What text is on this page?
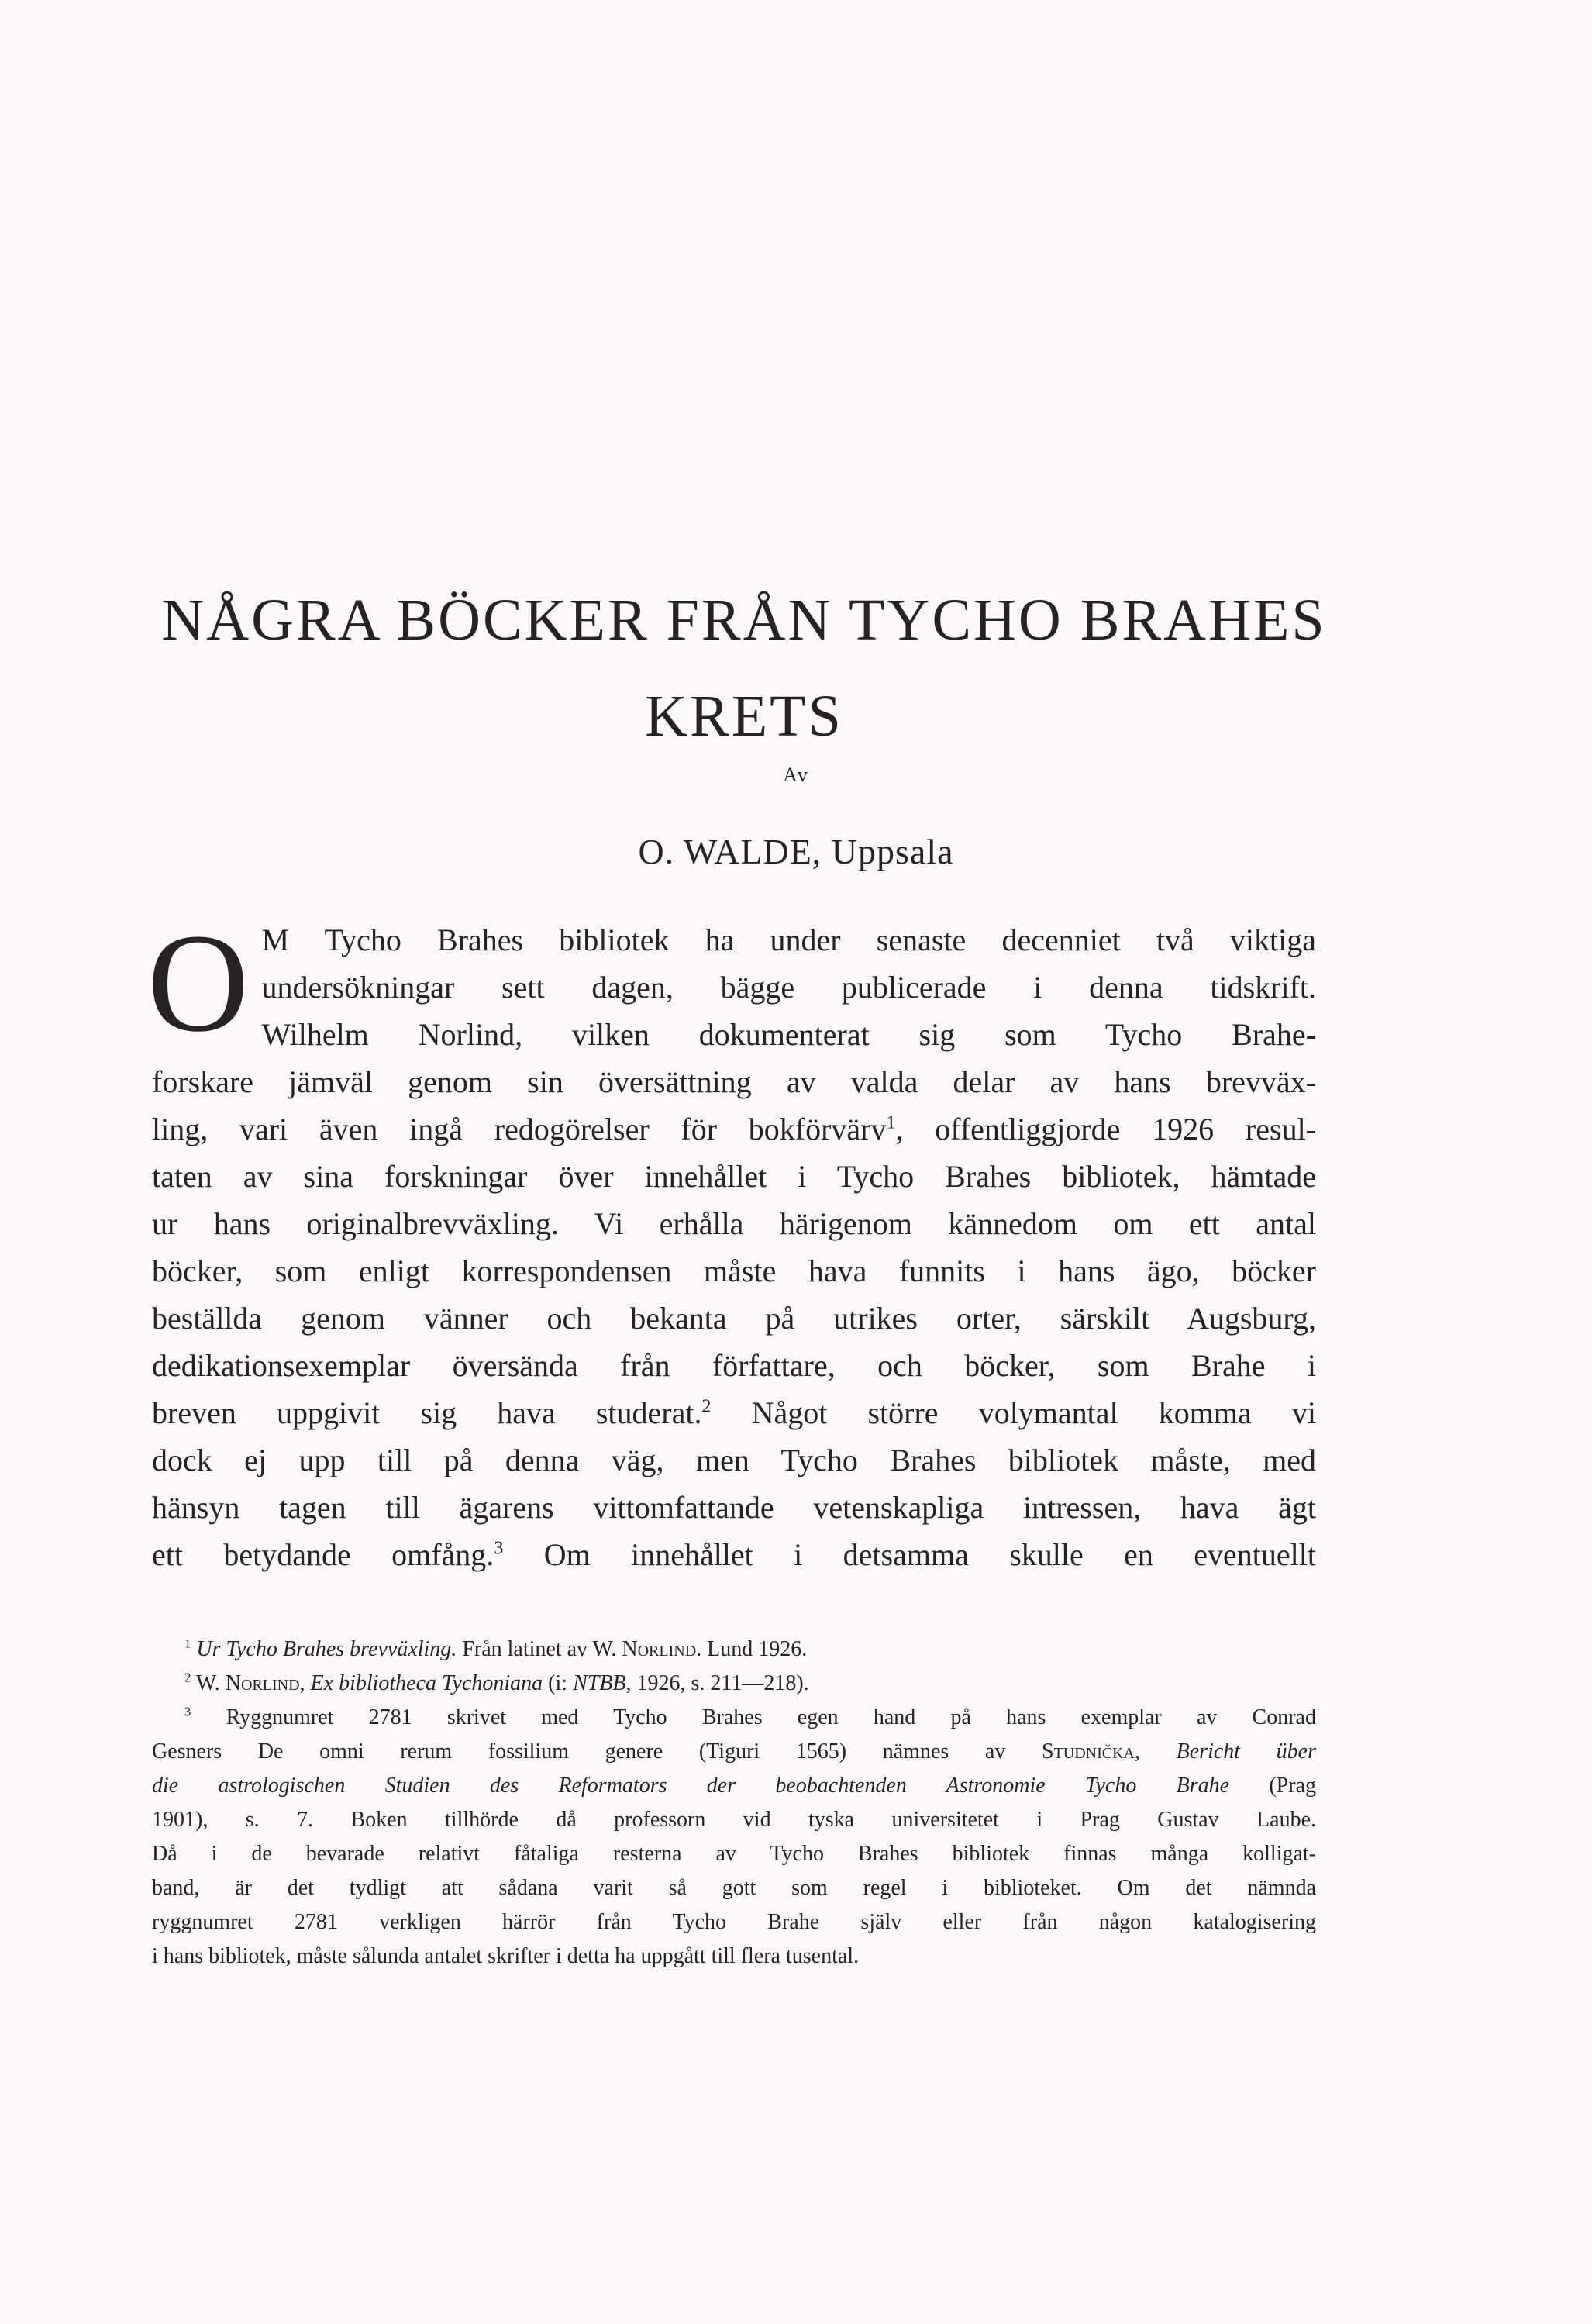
NÅGRA BÖCKER FRÅN TYCHO BRAHES
KRETS
Av
O. WALDE, Uppsala
O M Tycho Brahes bibliotek ha under senaste decenniet två viktiga
undersökningar sett dagen, bägge publicerade i denna tidskrift.
Wilhelm Norlind, vilken dokumenterat sig som Tycho Brahe-
forskare jämväl genom sin översättning av valda delar av hans brevväx-
ling, vari även ingå redogörelser för bokförvärv$^1$, offentliggjorde 1926 resul-
taten av sina forskningar över innehållet i Tycho Brahes bibliotek, hämtade
ur hans originalbrevväxling. Vi erhålla härigenom kännedom om ett antal
böcker, som enligt korrespondensen måste hava funnits i hans ägo, böcker
beställda genom vänner och bekanta på utrikes orter, särskilt Augsburg,
dedikationsexemplar översända från författare, och böcker, som Brahe i
breven uppgivit sig hava studerat.$^2$ Något större volymantal komma vi
dock ej upp till på denna väg, men Tycho Brahes bibliotek måste, med
hänsyn tagen till ägarens vittomfattande vetenskapliga intressen, hava ägt
ett betydande omfång.$^3$ Om innehållet i detsamma skulle en eventuellt
$^1$ Ur Tycho Brahes brevväxling. Från latinet av W. Norlind. Lund 1926.
$^2$ W. Norlind, Ex bibliotheca Tychoniana (i: NTBB, 1926, s. 211—218).
$^3$ Ryggnumret 2781 skrivet med Tycho Brahes egen hand på hans exemplar av Conrad
Gesners De omni rerum fossilium genere (Tiguri 1565) nämnes av Studnička, Bericht über
die astrologischen Studien des Reformators der beobachtenden Astronomie Tycho Brahe (Prag
1901), s. 7. Boken tillhörde då professorn vid tyska universitetet i Prag Gustav Laube.
Då i de bevarade relativt fåtaliga resterna av Tycho Brahes bibliotek finnas många kolligat-
band, är det tydligt att sådana varit så gott som regel i biblioteket. Om det nämnda
ryggnumret 2781 verkligen härrör från Tycho Brahe själv eller från någon katalogisering
i hans bibliotek, måste sålunda antalet skrifter i detta ha uppgått till flera tusental.
